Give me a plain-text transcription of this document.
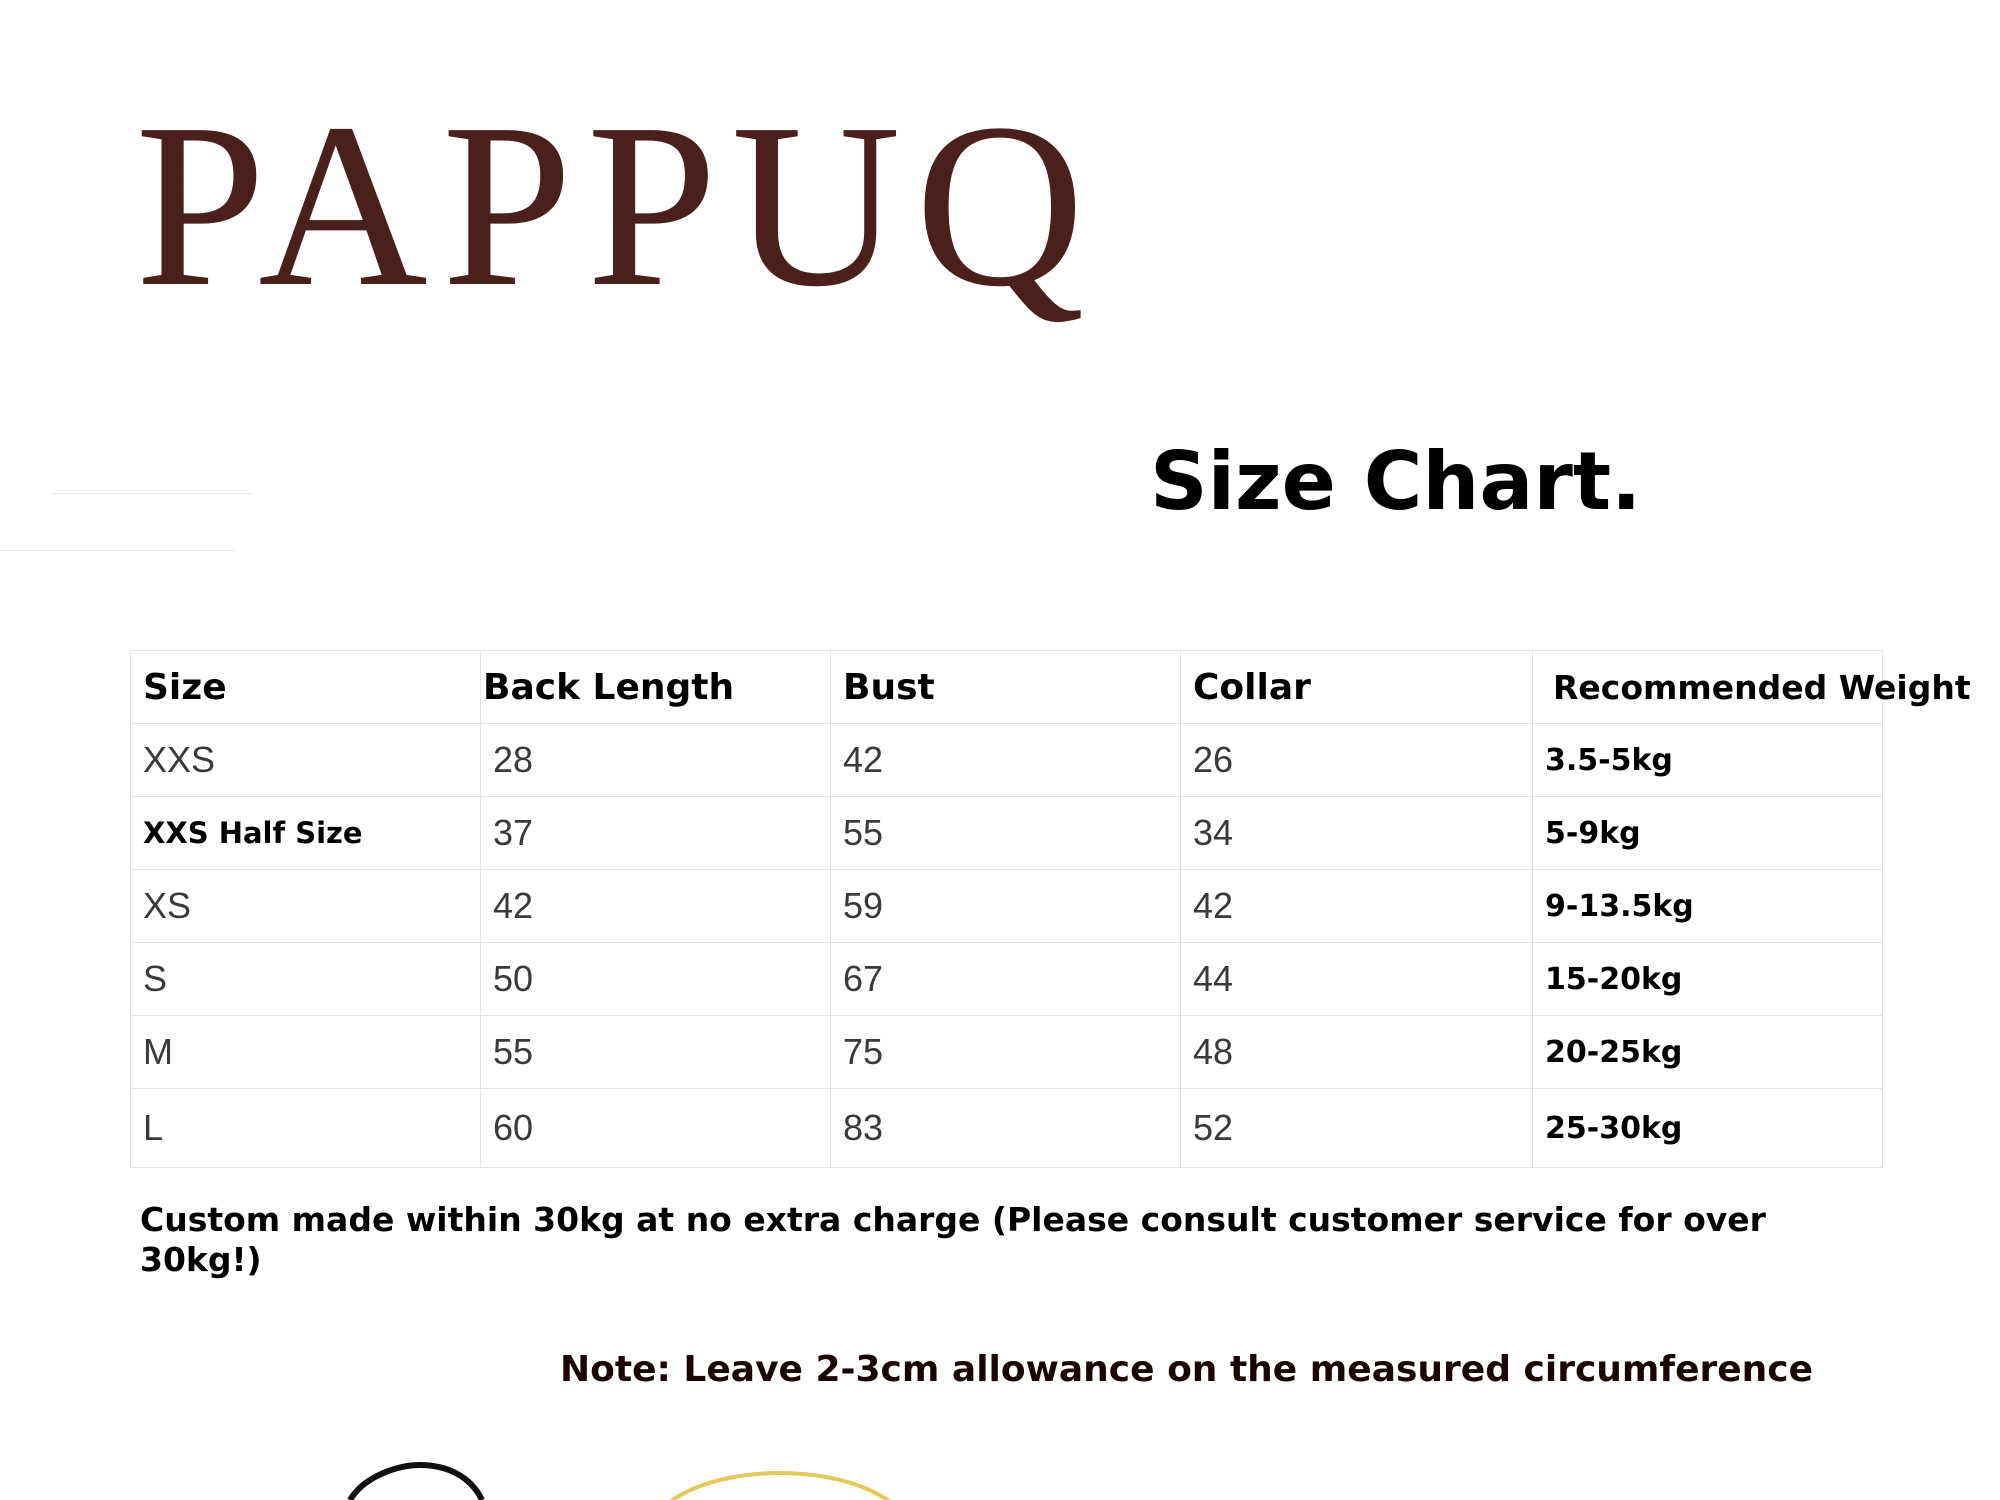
PAPPUQ
Size Chart.
Size	Back Length	Bust	Collar	Recommended Weight
XXS	28	42	26	3.5-5kg
XXS Half Size	37	55	34	5-9kg
XS	42	59	42	9-13.5kg
S	50	67	44	15-20kg
M	55	75	48	20-25kg
L	60	83	52	25-30kg

Custom made within 30kg at no extra charge (Please consult customer service for over 30kg!)

Note: Leave 2-3cm allowance on the measured circumference
